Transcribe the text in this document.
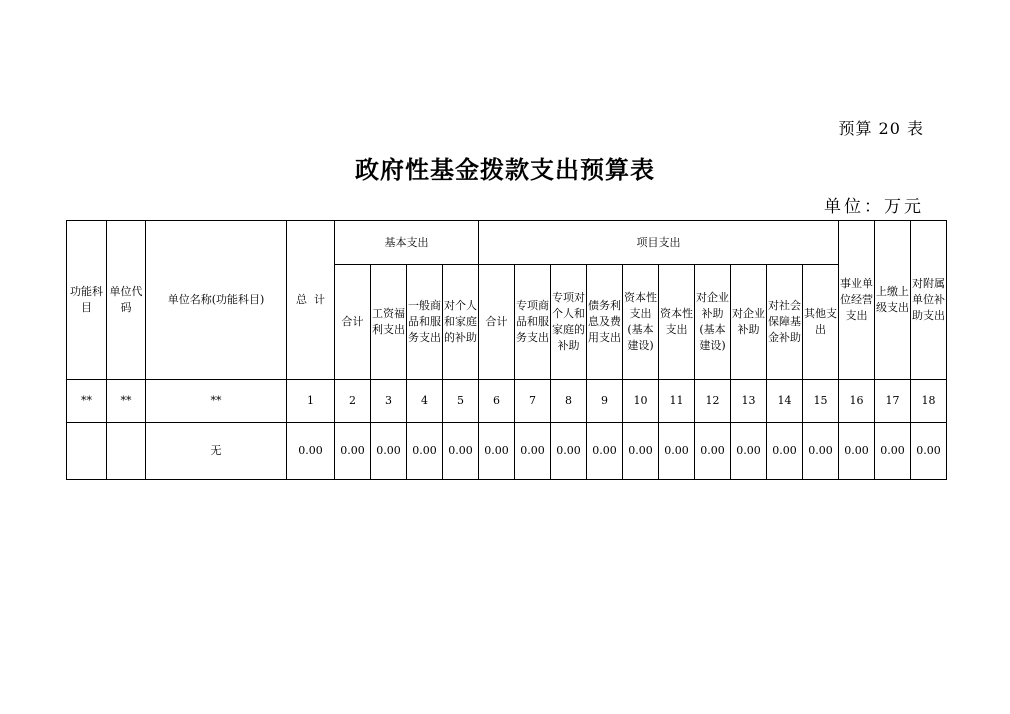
预算 20 表
政府性基金拨款支出预算表
单位：万元
功能科目	单位代码	单位名称(功能科目)	总  计	基本支出				项目支出										事业单位经营支出	上缴上级支出	对附属单位补助支出
				合计	工资福利支出	一般商品和服务支出	对个人和家庭的补助	合计	专项商品和服务支出	专项对个人和家庭的补助	债务利息及费用支出	资本性支出(基本建设)	资本性支出	对企业补助(基本建设)	对企业补助	对社会保障基金补助	其他支出			
**	**	**	1	2	3	4	5	6	7	8	9	10	11	12	13	14	15	16	17	18
		无	0.00	0.00	0.00	0.00	0.00	0.00	0.00	0.00	0.00	0.00	0.00	0.00	0.00	0.00	0.00	0.00	0.00	0.00
